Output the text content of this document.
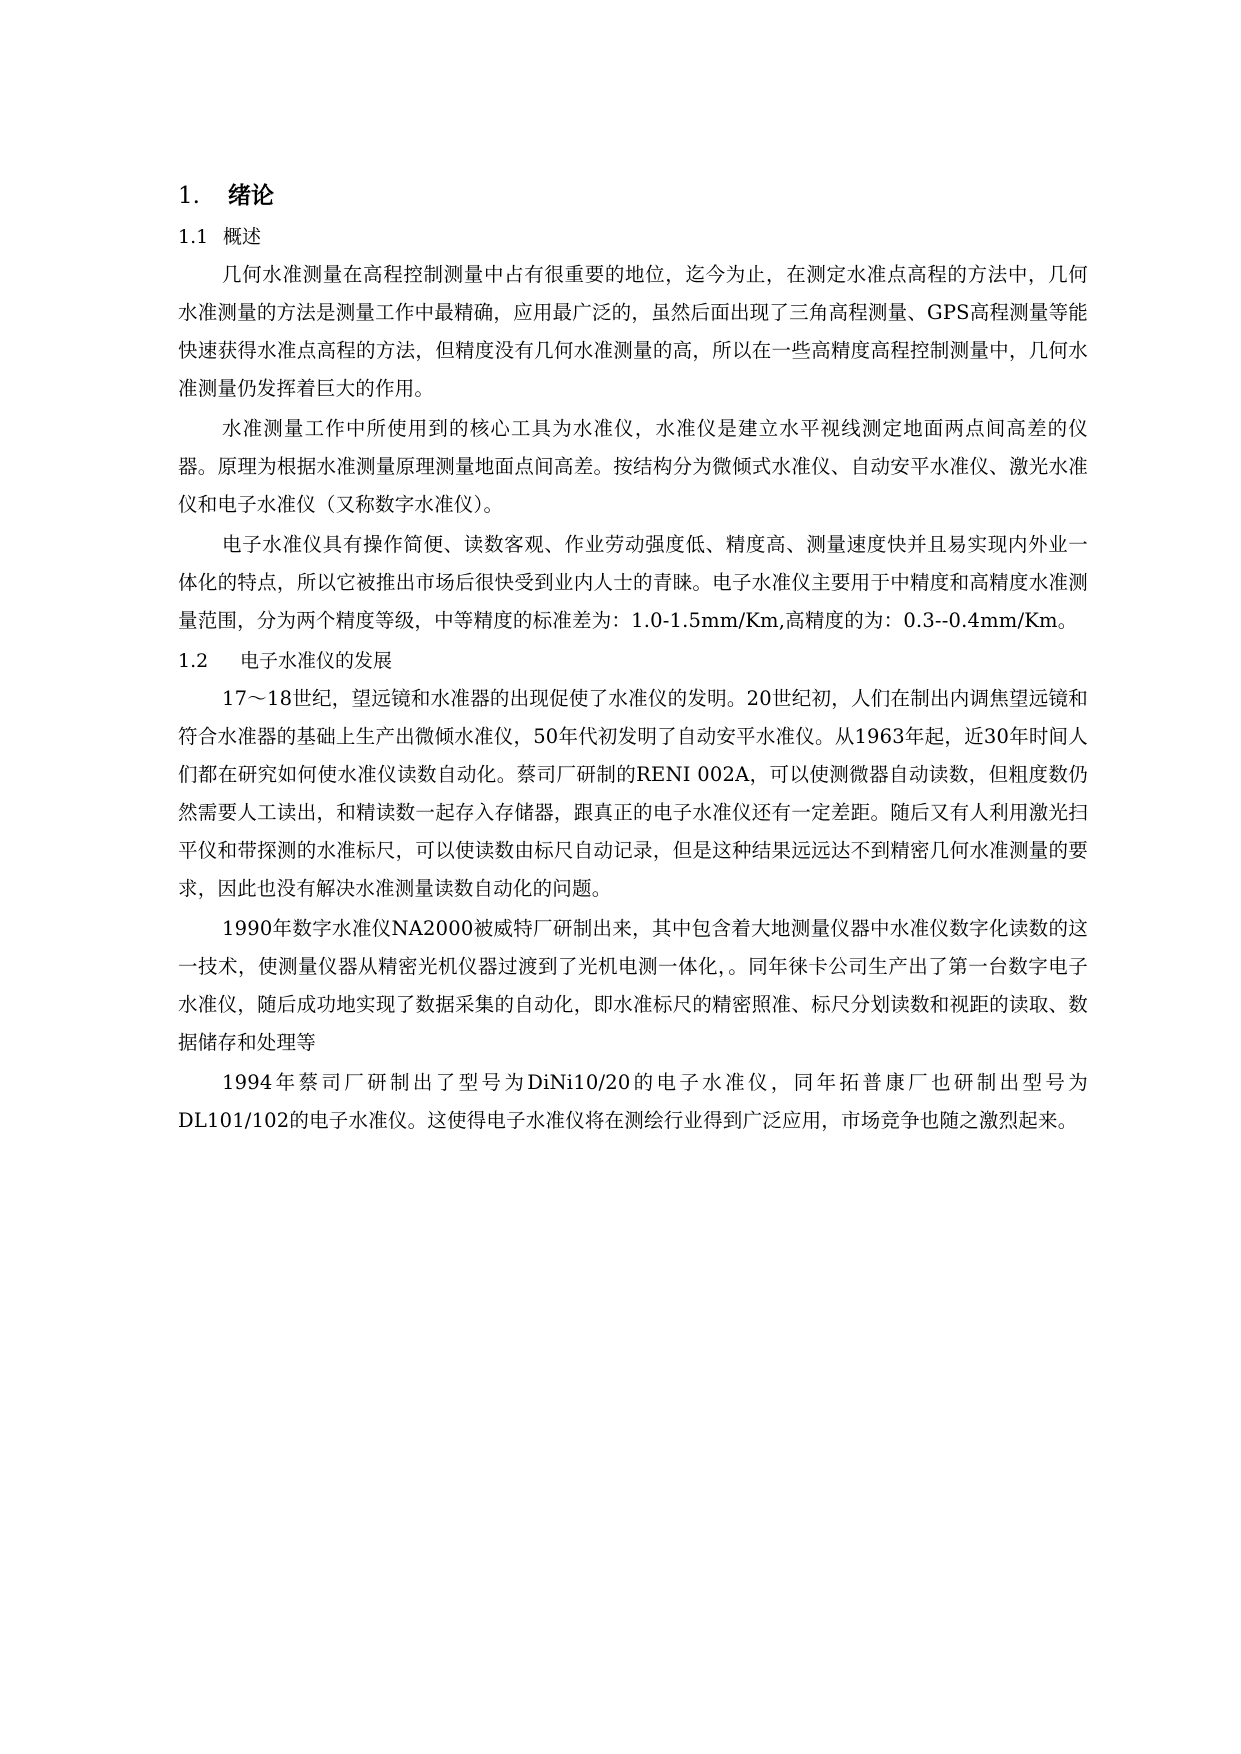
1.	绪论
1.1 概述

几何水准测量在高程控制测量中占有很重要的地位，迄今为止，在测定水准点高程的方法中，几何水准测量的方法是测量工作中最精确，应用最广泛的，虽然后面出现了三角高程测量、GPS高程测量等能快速获得水准点高程的方法，但精度没有几何水准测量的高，所以在一些高精度高程控制测量中，几何水准测量仍发挥着巨大的作用。

水准测量工作中所使用到的核心工具为水准仪，水准仪是建立水平视线测定地面两点间高差的仪器。原理为根据水准测量原理测量地面点间高差。按结构分为微倾式水准仪、自动安平水准仪、激光水准仪和电子水准仪（又称数字水准仪）。

电子水准仪具有操作简便、读数客观、作业劳动强度低、精度高、测量速度快并且易实现内外业一体化的特点，所以它被推出市场后很快受到业内人士的青睐。电子水准仪主要用于中精度和高精度水准测量范围，分为两个精度等级，中等精度的标准差为：1.0-1.5mm/Km,高精度的为：0.3--0.4mm/Km。

1.2	电子水准仪的发展

17～18世纪，望远镜和水准器的出现促使了水准仪的发明。20世纪初，人们在制出内调焦望远镜和符合水准器的基础上生产出微倾水准仪，50年代初发明了自动安平水准仪。从1963年起，近30年时间人们都在研究如何使水准仪读数自动化。蔡司厂研制的RENI 002A，可以使测微器自动读数，但粗度数仍然需要人工读出，和精读数一起存入存储器，跟真正的电子水准仪还有一定差距。随后又有人利用激光扫平仪和带探测的水准标尺，可以使读数由标尺自动记录，但是这种结果远远达不到精密几何水准测量的要求，因此也没有解决水准测量读数自动化的问题。

1990年数字水准仪NA2000被威特厂研制出来，其中包含着大地测量仪器中水准仪数字化读数的这一技术，使测量仪器从精密光机仪器过渡到了光机电测一体化，。同年徕卡公司生产出了第一台数字电子水准仪，随后成功地实现了数据采集的自动化，即水准标尺的精密照准、标尺分划读数和视距的读取、数据储存和处理等

1994年蔡司厂研制出了型号为DiNi10/20的电子水准仪，同年拓普康厂也研制出型号为DL101/102的电子水准仪。这使得电子水准仪将在测绘行业得到广泛应用，市场竞争也随之激烈起来。
